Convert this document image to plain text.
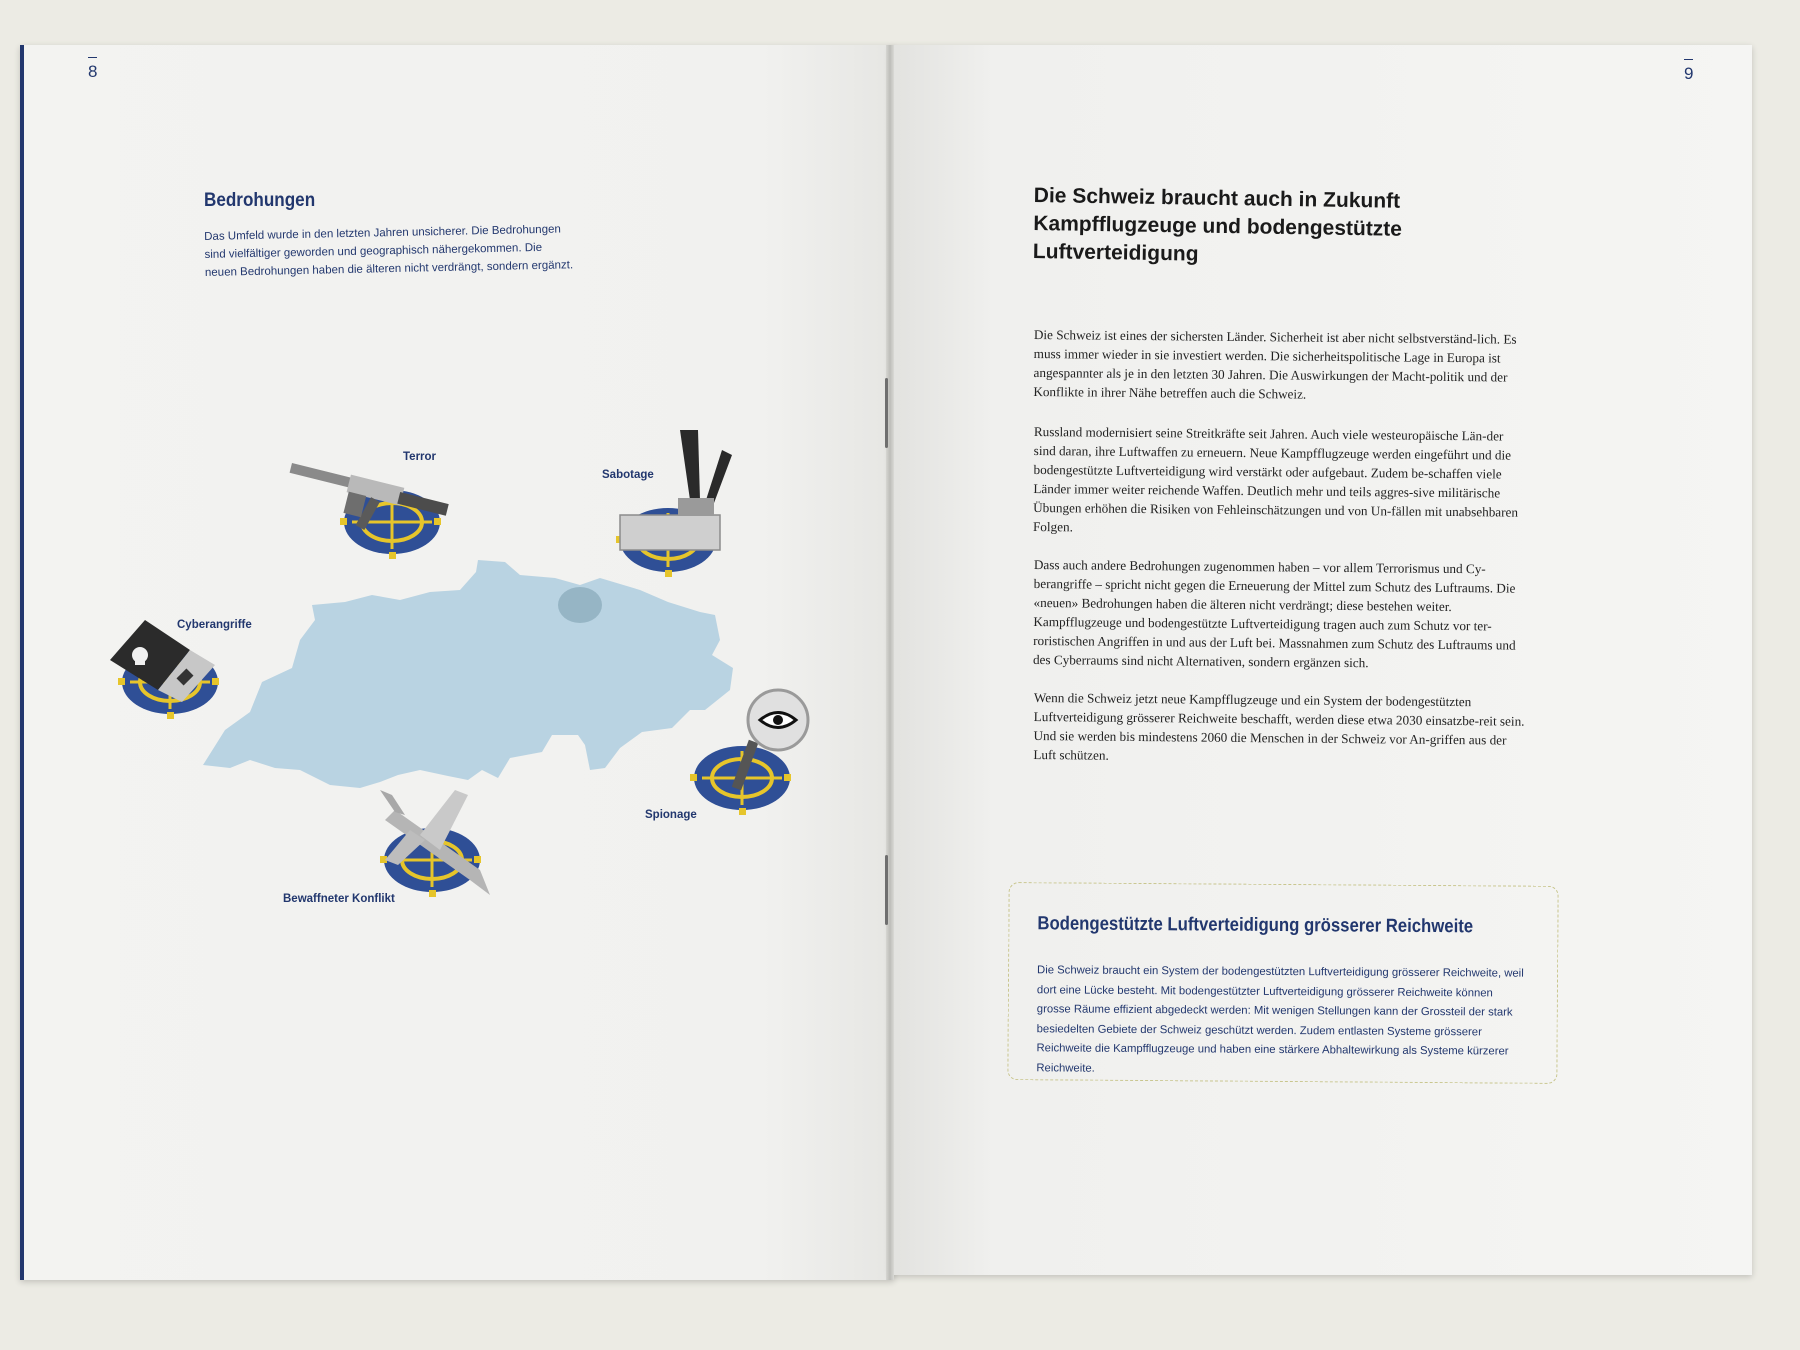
8	9
Bedrohungen
Das Umfeld wurde in den letzten Jahren unsicherer. Die Bedrohungen sind vielfältiger geworden und geographisch nähergekommen. Die neuen Bedrohungen haben die älteren nicht verdrängt, sondern ergänzt.
Terror
Sabotage
Cyberangriffe
Spionage
Bewaffneter Konflikt
Die Schweiz braucht auch in Zukunft Kampfflugzeuge und bodengestützte Luftverteidigung
Die Schweiz ist eines der sichersten Länder. Sicherheit ist aber nicht selbstverständ-lich. Es muss immer wieder in sie investiert werden. Die sicherheitspolitische Lage in Europa ist angespannter als je in den letzten 30 Jahren. Die Auswirkungen der Macht-politik und der Konflikte in ihrer Nähe betreffen auch die Schweiz.
Russland modernisiert seine Streitkräfte seit Jahren. Auch viele westeuropäische Län-der sind daran, ihre Luftwaffen zu erneuern. Neue Kampfflugzeuge werden eingeführt und die bodengestützte Luftverteidigung wird verstärkt oder aufgebaut. Zudem be-schaffen viele Länder immer weiter reichende Waffen. Deutlich mehr und teils aggres-sive militärische Übungen erhöhen die Risiken von Fehleinschätzungen und von Un-fällen mit unabsehbaren Folgen.
Dass auch andere Bedrohungen zugenommen haben – vor allem Terrorismus und Cy-berangriffe – spricht nicht gegen die Erneuerung der Mittel zum Schutz des Luftraums. Die «neuen» Bedrohungen haben die älteren nicht verdrängt; diese bestehen weiter. Kampfflugzeuge und bodengestützte Luftverteidigung tragen auch zum Schutz vor ter-roristischen Angriffen in und aus der Luft bei. Massnahmen zum Schutz des Luftraums und des Cyberraums sind nicht Alternativen, sondern ergänzen sich.
Wenn die Schweiz jetzt neue Kampfflugzeuge und ein System der bodengestützten Luftverteidigung grösserer Reichweite beschafft, werden diese etwa 2030 einsatzbe-reit sein. Und sie werden bis mindestens 2060 die Menschen in der Schweiz vor An-griffen aus der Luft schützen.
Bodengestützte Luftverteidigung grösserer Reichweite
Die Schweiz braucht ein System der bodengestützten Luftverteidigung grösserer Reichweite, weil dort eine Lücke besteht. Mit bodengestützter Luftverteidigung grösserer Reichweite können grosse Räume effizient abgedeckt werden: Mit wenigen Stellungen kann der Grossteil der stark besiedelten Gebiete der Schweiz geschützt werden. Zudem entlasten Systeme grösserer Reichweite die Kampfflugzeuge und haben eine stärkere Abhaltewirkung als Systeme kürzerer Reichweite.
